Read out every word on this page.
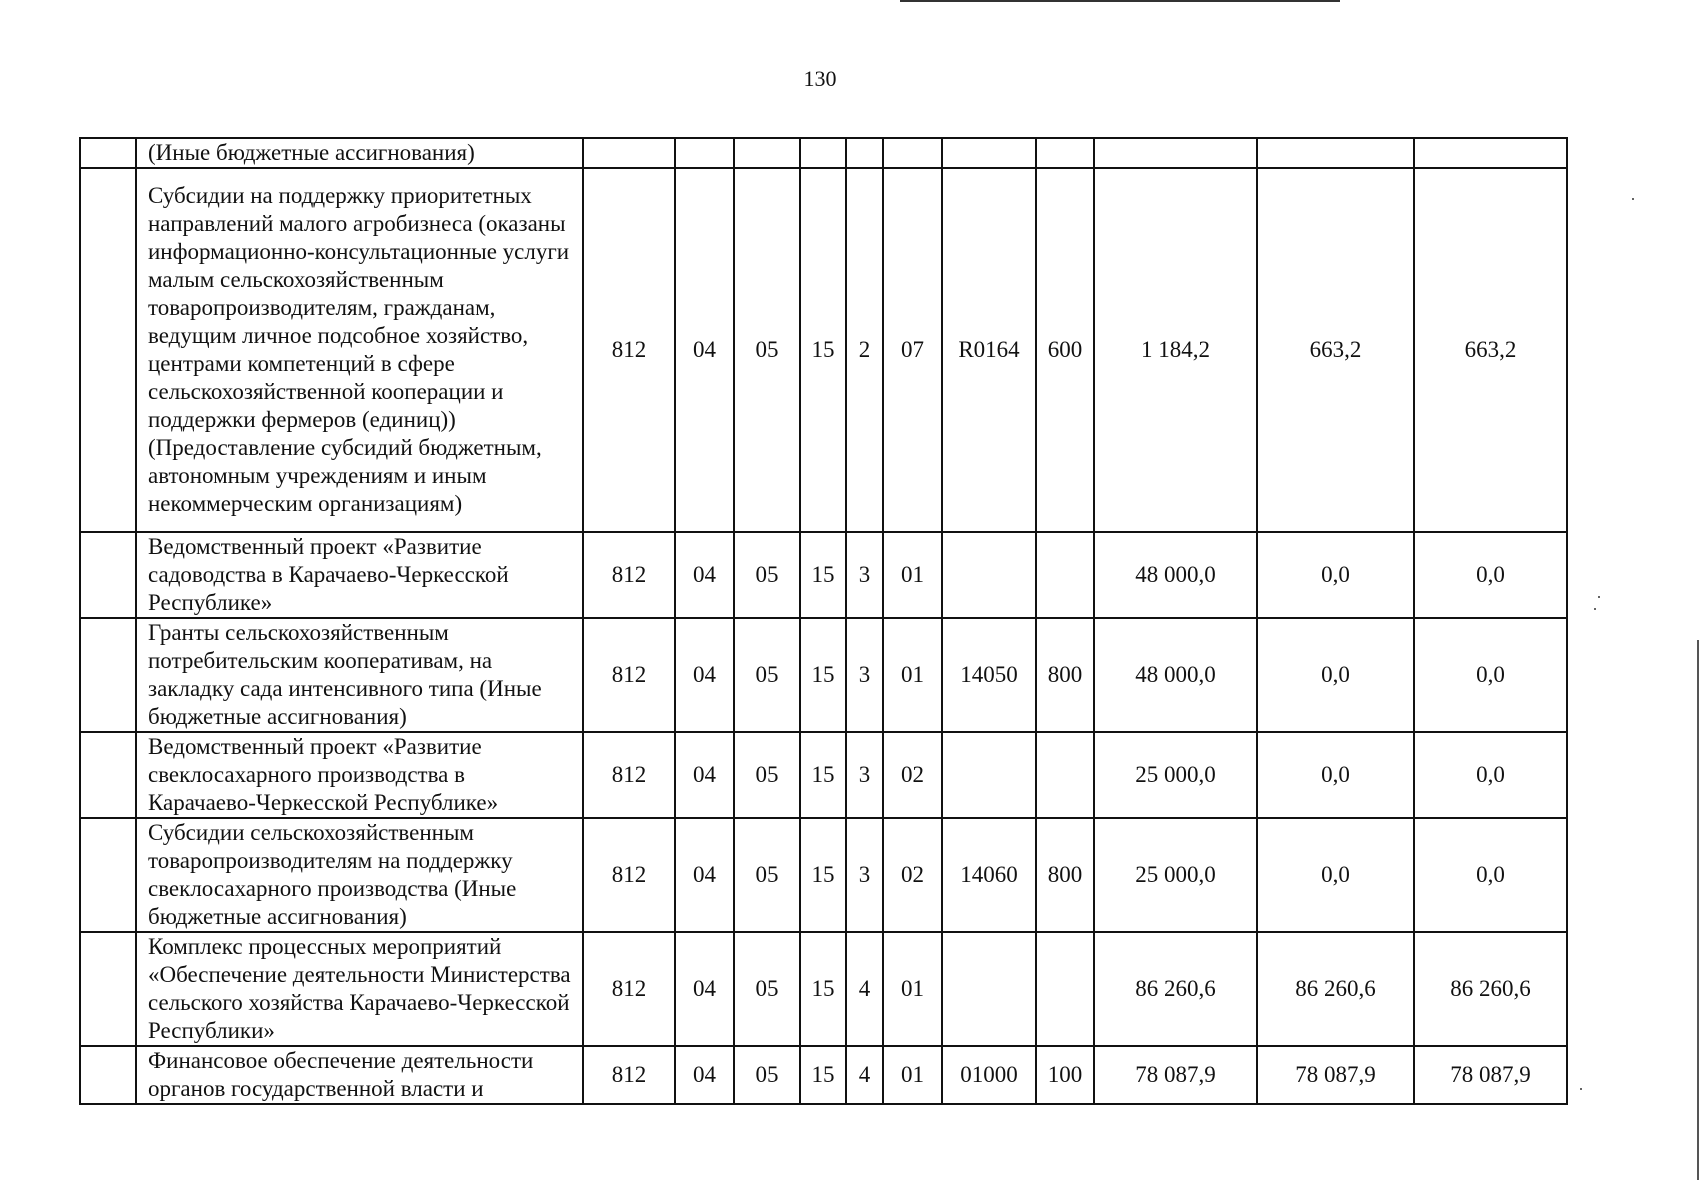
130
	(Иные бюджетные ассигнования)											
	Субсидии на поддержку приоритетных направлений малого агробизнеса (оказаны информационно-консультационные услуги малым сельскохозяйственным товаропроизводителям, гражданам, ведущим личное подсобное хозяйство, центрами компетенций в сфере сельскохозяйственной кооперации и поддержки фермеров (единиц)) (Предоставление субсидий бюджетным, автономным учреждениям и иным некоммерческим организациям)	812	04	05	15	2	07	R0164	600	1 184,2	663,2	663,2
	Ведомственный проект «Развитие садоводства в Карачаево-Черкесской Республике»	812	04	05	15	3	01			48 000,0	0,0	0,0
	Гранты сельскохозяйственным потребительским кооперативам, на закладку сада интенсивного типа (Иные бюджетные ассигнования)	812	04	05	15	3	01	14050	800	48 000,0	0,0	0,0
	Ведомственный проект «Развитие свеклосахарного производства в Карачаево-Черкесской Республике»	812	04	05	15	3	02			25 000,0	0,0	0,0
	Субсидии сельскохозяйственным товаропроизводителям на поддержку свеклосахарного производства (Иные бюджетные ассигнования)	812	04	05	15	3	02	14060	800	25 000,0	0,0	0,0
	Комплекс процессных мероприятий «Обеспечение деятельности Министерства сельского хозяйства Карачаево-Черкесской Республики»	812	04	05	15	4	01			86 260,6	86 260,6	86 260,6
	Финансовое обеспечение деятельности органов государственной власти и	812	04	05	15	4	01	01000	100	78 087,9	78 087,9	78 087,9
